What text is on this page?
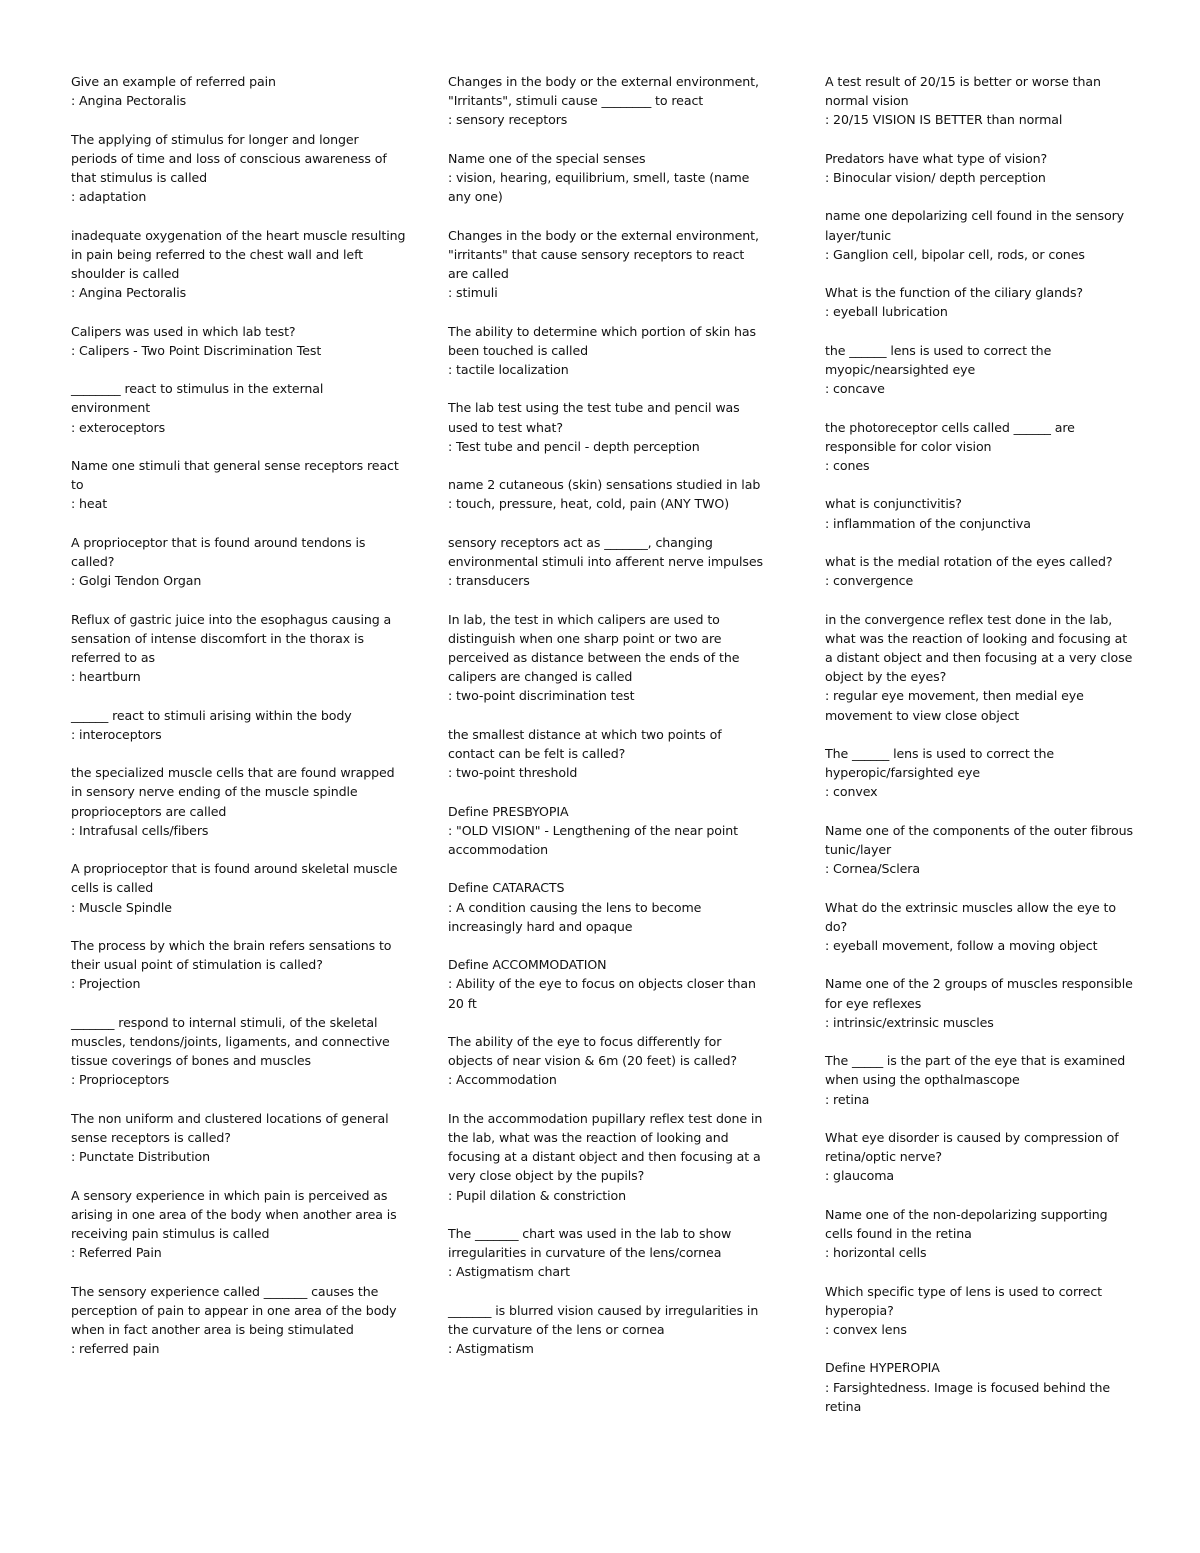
Give an example of referred pain

: Angina Pectoralis

The applying of stimulus for longer and longer periods of time and loss of conscious awareness of that stimulus is called

: adaptation

inadequate oxygenation of the heart muscle resulting in pain being referred to the chest wall and left shoulder is called

: Angina Pectoralis

Calipers was used in which lab test?

: Calipers - Two Point Discrimination Test

________ react to stimulus in the external environment

: exteroceptors

Name one stimuli that general sense receptors react to

: heat

A proprioceptor that is found around tendons is called?

: Golgi Tendon Organ

Reflux of gastric juice into the esophagus causing a sensation of intense discomfort in the thorax is referred to as

: heartburn

______ react to stimuli arising within the body

: interoceptors

the specialized muscle cells that are found wrapped in sensory nerve ending of the muscle spindle proprioceptors are called

: Intrafusal cells/fibers

A proprioceptor that is found around skeletal muscle cells is called

: Muscle Spindle

The process by which the brain refers sensations to their usual point of stimulation is called?

: Projection

_______ respond to internal stimuli, of the skeletal muscles, tendons/joints, ligaments, and connective tissue coverings of bones and muscles

: Proprioceptors

The non uniform and clustered locations of general sense receptors is called?

: Punctate Distribution

A sensory experience in which pain is perceived as arising in one area of the body when another area is receiving pain stimulus is called

: Referred Pain

The sensory experience called _______ causes the perception of pain to appear in one area of the body when in fact another area is being stimulated

: referred pain

Changes in the body or the external environment, "Irritants", stimuli cause ________ to react

: sensory receptors

Name one of the special senses

: vision, hearing, equilibrium, smell, taste (name any one)

Changes in the body or the external environment, "irritants" that cause sensory receptors to react are called

: stimuli

The ability to determine which portion of skin has been touched is called

: tactile localization

The lab test using the test tube and pencil was used to test what?

: Test tube and pencil - depth perception

name 2 cutaneous (skin) sensations studied in lab

: touch, pressure, heat, cold, pain (ANY TWO)

sensory receptors act as _______, changing environmental stimuli into afferent nerve impulses

: transducers

In lab, the test in which calipers are used to distinguish when one sharp point or two are perceived as distance between the ends of the calipers are changed is called

: two-point discrimination test

the smallest distance at which two points of contact can be felt is called?

: two-point threshold

Define PRESBYOPIA

: "OLD VISION" - Lengthening of the near point accommodation

Define CATARACTS

: A condition causing the lens to become increasingly hard and opaque

Define ACCOMMODATION

: Ability of the eye to focus on objects closer than 20 ft

The ability of the eye to focus differently for objects of near vision & 6m (20 feet) is called?

: Accommodation

In the accommodation pupillary reflex test done in the lab, what was the reaction of looking and focusing at a distant object and then focusing at a very close object by the pupils?

: Pupil dilation & constriction

The _______ chart was used in the lab to show irregularities in curvature of the lens/cornea

: Astigmatism chart

_______ is blurred vision caused by irregularities in the curvature of the lens or cornea

: Astigmatism

A test result of 20/15 is better or worse than normal vision

: 20/15 VISION IS BETTER than normal

Predators have what type of vision?

: Binocular vision/ depth perception

name one depolarizing cell found in the sensory layer/tunic

: Ganglion cell, bipolar cell, rods, or cones

What is the function of the ciliary glands?

: eyeball lubrication

the ______ lens is used to correct the myopic/nearsighted eye

: concave

the photoreceptor cells called ______ are responsible for color vision

: cones

what is conjunctivitis?

: inflammation of the conjunctiva

what is the medial rotation of the eyes called?

: convergence

in the convergence reflex test done in the lab, what was the reaction of looking and focusing at a distant object and then focusing at a very close object by the eyes?

: regular eye movement, then medial eye movement to view close object

The ______ lens is used to correct the hyperopic/farsighted eye

: convex

Name one of the components of the outer fibrous tunic/layer

: Cornea/Sclera

What do the extrinsic muscles allow the eye to do?

: eyeball movement, follow a moving object

Name one of the 2 groups of muscles responsible for eye reflexes

: intrinsic/extrinsic muscles

The _____ is the part of the eye that is examined when using the opthalmascope

: retina

What eye disorder is caused by compression of retina/optic nerve?

: glaucoma

Name one of the non-depolarizing supporting cells found in the retina

: horizontal cells

Which specific type of lens is used to correct hyperopia?

: convex lens

Define HYPEROPIA

: Farsightedness. Image is focused behind the retina
